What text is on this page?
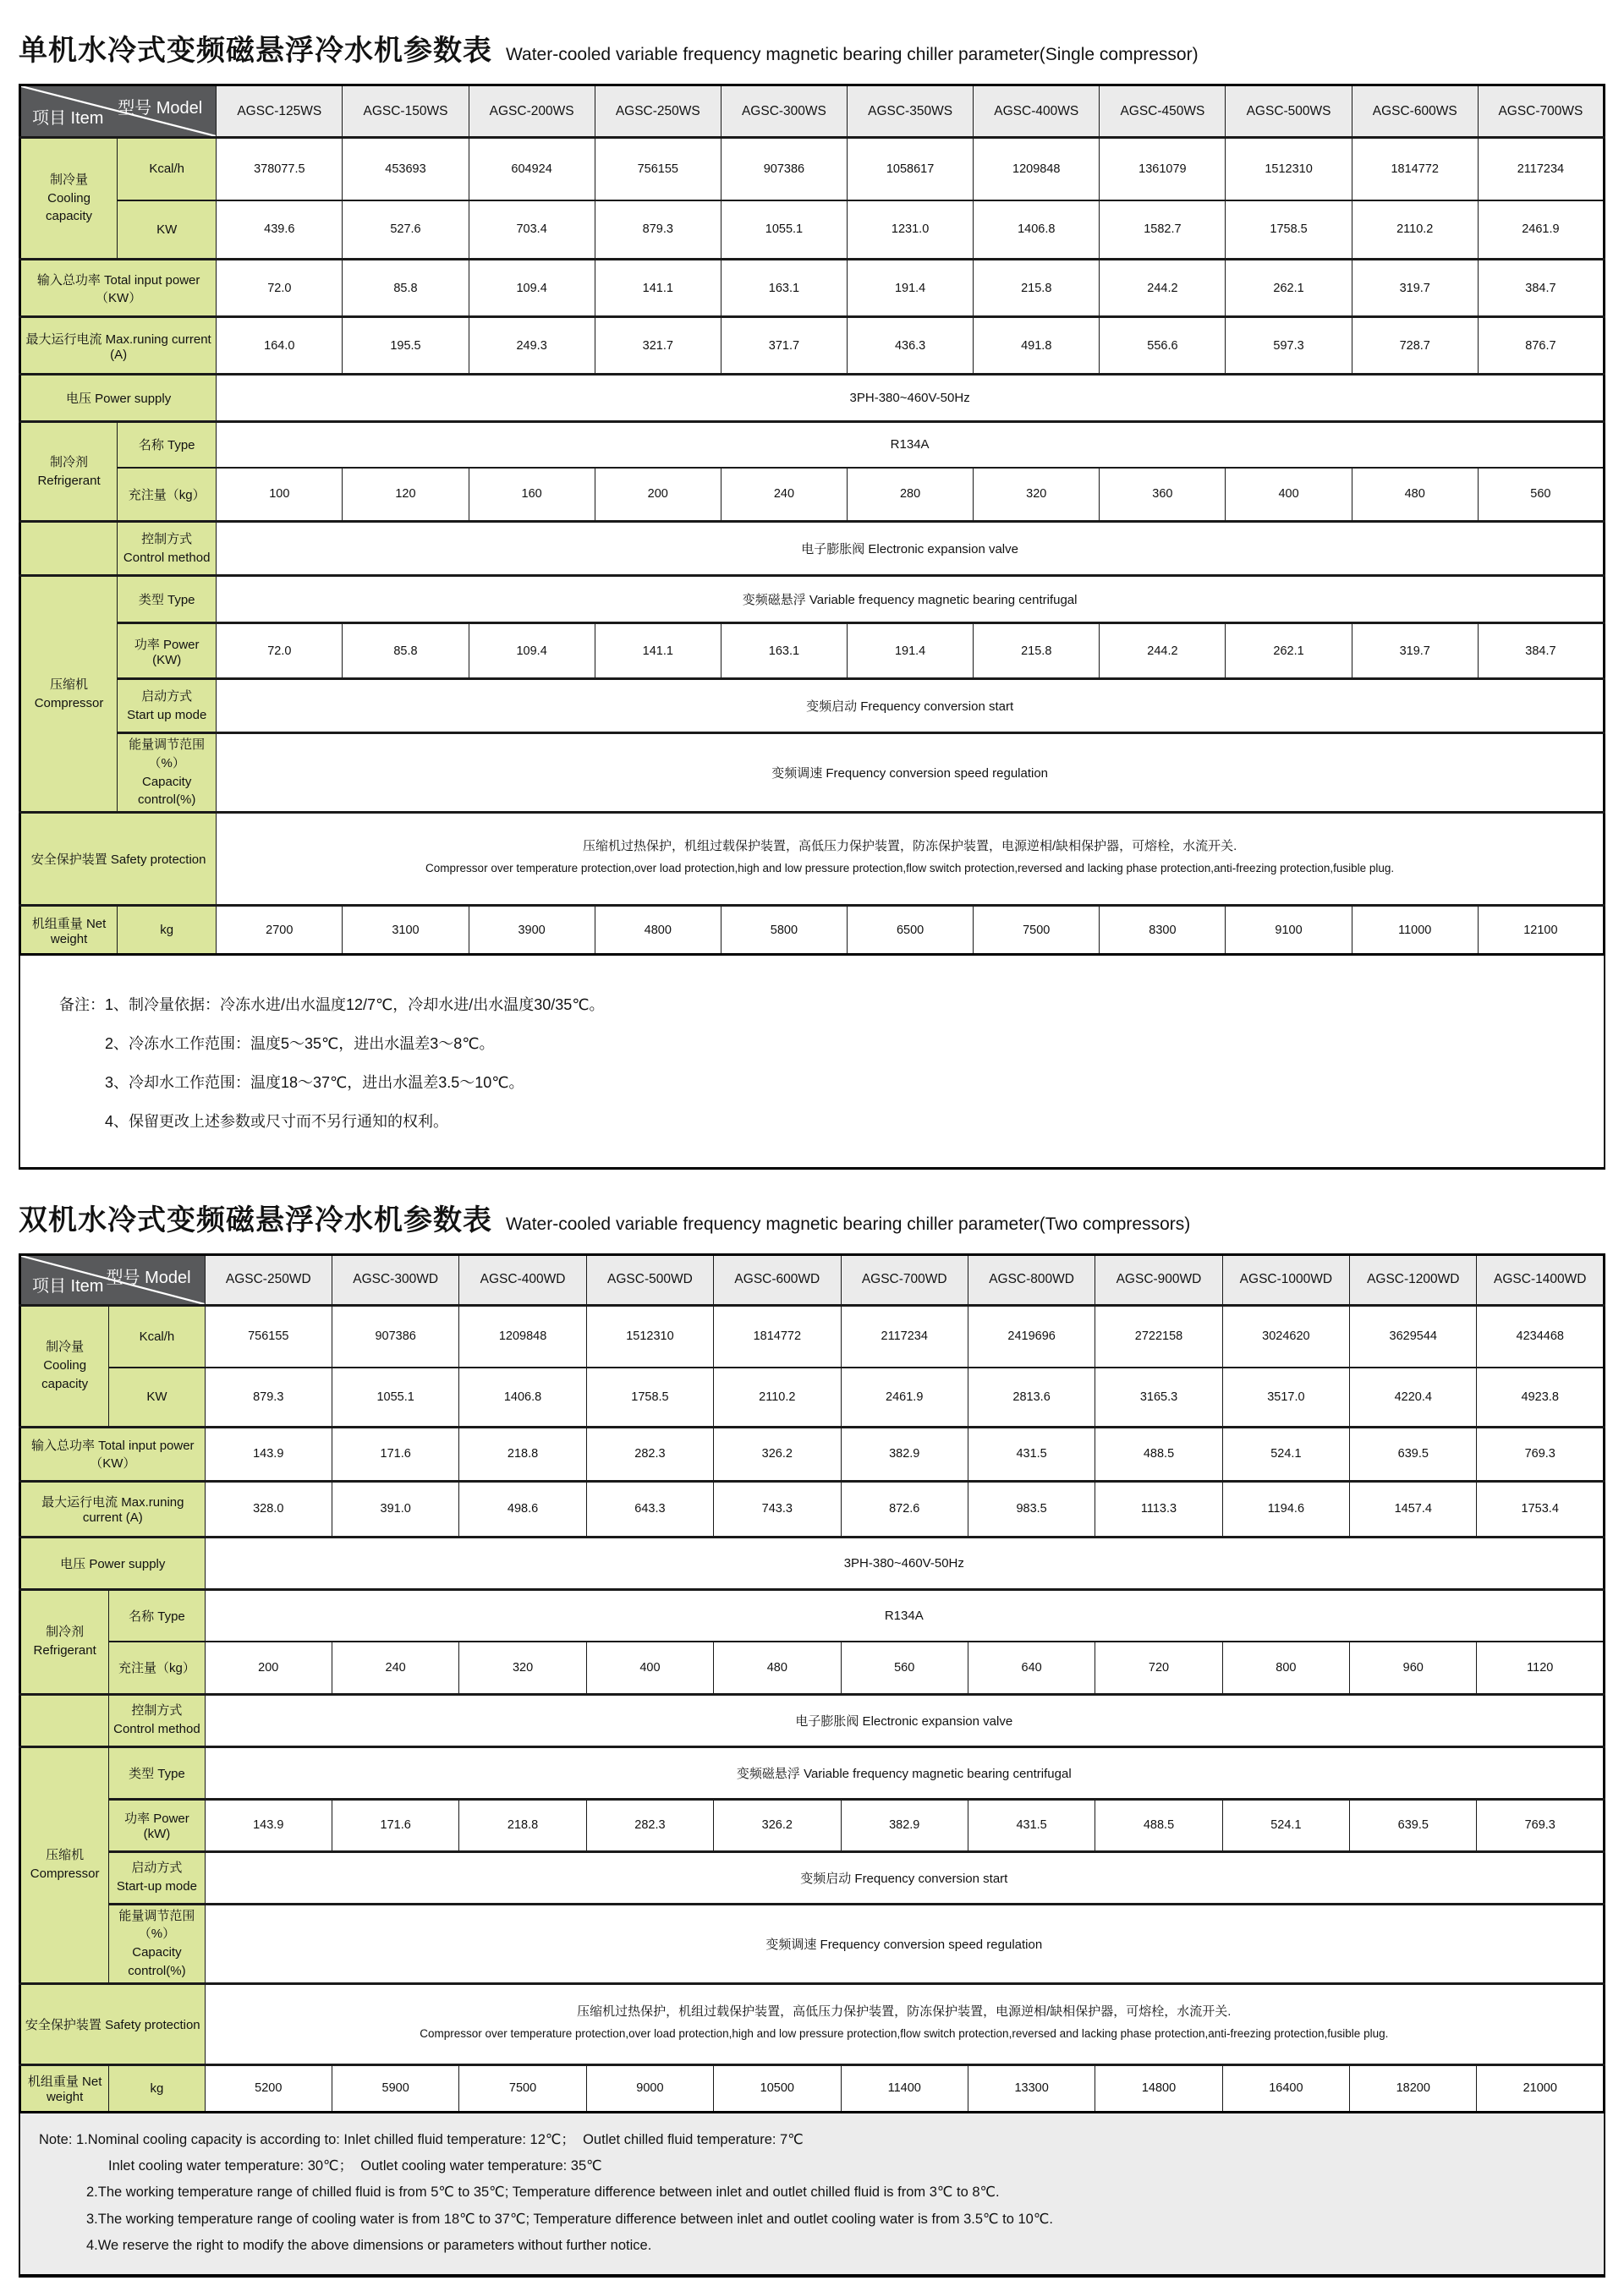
单机水冷式变频磁悬浮冷水机参数表 Water-cooled variable frequency magnetic bearing chiller parameter(Single compressor)
型号 Model
项目 Item		AGSC-125WS	AGSC-150WS	AGSC-200WS	AGSC-250WS	AGSC-300WS	AGSC-350WS	AGSC-400WS	AGSC-450WS	AGSC-500WS	AGSC-600WS	AGSC-700WS

制冷量
Cooling capacity	Kcal/h	378077.5	453693	604924	756155	907386	1058617	1209848	1361079	1512310	1814772	2117234
	KW	439.6	527.6	703.4	879.3	1055.1	1231.0	1406.8	1582.7	1758.5	2110.2	2461.9
输入总功率 Total input power（KW）		72.0	85.8	109.4	141.1	163.1	191.4	215.8	244.2	262.1	319.7	384.7
最大运行电流 Max.runing current (A)		164.0	195.5	249.3	321.7	371.7	436.3	491.8	556.6	597.3	728.7	876.7
电压 Power supply		3PH-380~460V-50Hz										

制冷剂
Refrigerant	名称 Type	R134A										
	充注量（kg）	100	120	160	200	240	280	320	360	400	480	560

	控制方式
Control method	电子膨胀阀 Electronic expansion valve										

压缩机
Compressor	类型 Type	变频磁悬浮 Variable frequency magnetic bearing centrifugal										
	功率 Power (KW)	72.0	85.8	109.4	141.1	163.1	191.4	215.8	244.2	262.1	319.7	384.7

	启动方式
Start up mode	变频启动 Frequency conversion start										

	能量调节范围（%）
Capacity control(%)	变频调速 Frequency conversion speed regulation										
安全保护装置 Safety protection		压缩机过热保护，机组过载保护装置，高低压力保护装置，防冻保护装置，电源逆相/缺相保护器，可熔栓，水流开关.
Compressor over temperature protection,over load protection,high and low pressure protection,flow switch protection,reversed and lacking phase protection,anti-freezing protection,fusible plug.										

机组重量 Net weight	kg	2700	3100	3900	4800	5800	6500	7500	8300	9100	11000	12100
备注：1、制冷量依据：冷冻水进/出水温度12/7℃，冷却水进/出水温度30/35℃。
2、冷冻水工作范围：温度5～35℃，进出水温差3～8℃。
3、冷却水工作范围：温度18～37℃，进出水温差3.5～10℃。
4、保留更改上述参数或尺寸而不另行通知的权利。
双机水冷式变频磁悬浮冷水机参数表 Water-cooled variable frequency magnetic bearing chiller parameter(Two compressors)
型号 Model
项目 Item		AGSC-250WD	AGSC-300WD	AGSC-400WD	AGSC-500WD	AGSC-600WD	AGSC-700WD	AGSC-800WD	AGSC-900WD	AGSC-1000WD	AGSC-1200WD	AGSC-1400WD

制冷量
Cooling capacity	Kcal/h	756155	907386	1209848	1512310	1814772	2117234	2419696	2722158	3024620	3629544	4234468
	KW	879.3	1055.1	1406.8	1758.5	2110.2	2461.9	2813.6	3165.3	3517.0	4220.4	4923.8
输入总功率 Total input power（KW）		143.9	171.6	218.8	282.3	326.2	382.9	431.5	488.5	524.1	639.5	769.3
最大运行电流 Max.runing current (A)		328.0	391.0	498.6	643.3	743.3	872.6	983.5	1113.3	1194.6	1457.4	1753.4
电压 Power supply		3PH-380~460V-50Hz										

制冷剂
Refrigerant	名称 Type	R134A										
	充注量（kg）	200	240	320	400	480	560	640	720	800	960	1120

	控制方式
Control method	电子膨胀阀 Electronic expansion valve										

压缩机
Compressor	类型 Type	变频磁悬浮 Variable frequency magnetic bearing centrifugal										
	功率 Power (kW)	143.9	171.6	218.8	282.3	326.2	382.9	431.5	488.5	524.1	639.5	769.3

	启动方式
Start-up mode	变频启动 Frequency conversion start										

	能量调节范围（%）
Capacity control(%)	变频调速 Frequency conversion speed regulation										
安全保护装置 Safety protection		压缩机过热保护，机组过载保护装置，高低压力保护装置，防冻保护装置，电源逆相/缺相保护器，可熔栓，水流开关.
Compressor over temperature protection,over load protection,high and low pressure protection,flow switch protection,reversed and lacking phase protection,anti-freezing protection,fusible plug.										

机组重量 Net weight	kg	5200	5900	7500	9000	10500	11400	13300	14800	16400	18200	21000
Note: 1.Nominal cooling capacity is according to: Inlet chilled fluid temperature: 12℃；  Outlet chilled fluid temperature: 7℃
Inlet cooling water temperature: 30℃；  Outlet cooling water temperature: 35℃
2.The working temperature range of chilled fluid is from 5℃ to 35℃; Temperature difference between inlet and outlet chilled fluid is from 3℃ to 8℃.
3.The working temperature range of cooling water is from 18℃ to 37℃; Temperature difference between inlet and outlet cooling water is from 3.5℃ to 10℃.
4.We reserve the right to modify the above dimensions or parameters without further notice.
